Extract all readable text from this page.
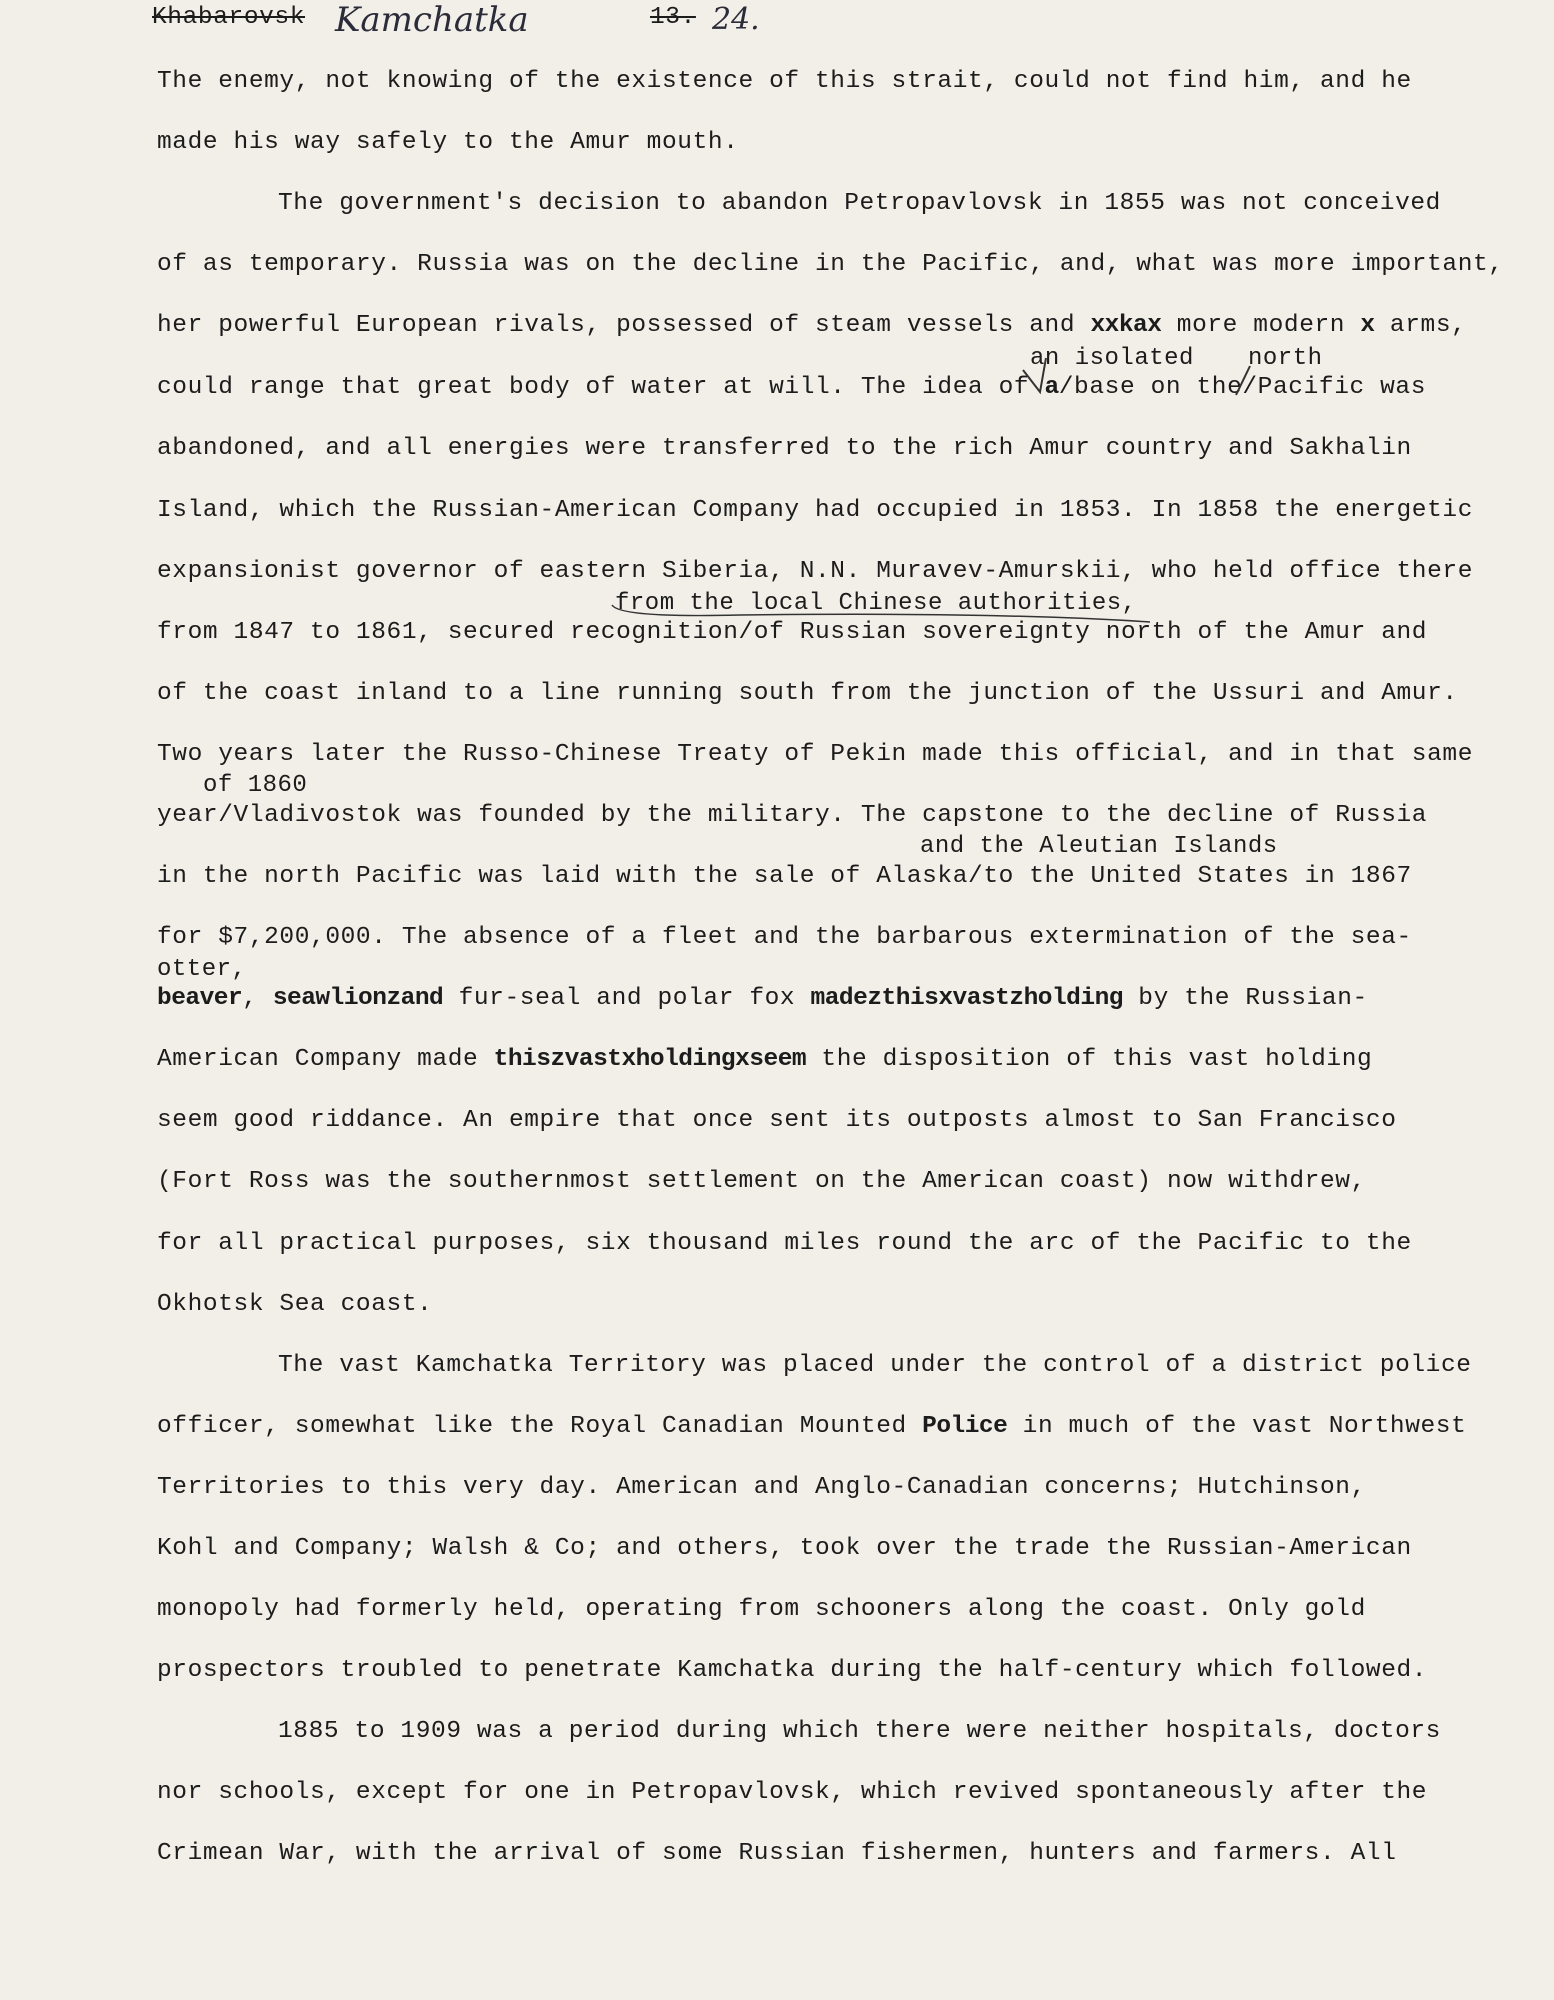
Khabarovsk Kamchatka	13. 24.
The enemy, not knowing of the existence of this strait, could not find him, and he
made his way safely to the Amur mouth.
The government's decision to abandon Petropavlovsk in 1855 was not conceived
of as temporary. Russia was on the decline in the Pacific, and, what was more important,
her powerful European rivals, possessed of steam vessels and xxkax more modern x arms,
an isolated north
could range that great body of water at will. The idea of a/base on the/Pacific was
abandoned, and all energies were transferred to the rich Amur country and Sakhalin
Island, which the Russian-American Company had occupied in 1853. In 1858 the energetic
expansionist governor of eastern Siberia, N.N. Muravev-Amurskii, who held office there
from the local Chinese authorities,
from 1847 to 1861, secured recognition/of Russian sovereignty north of the Amur and
of the coast inland to a line running south from the junction of the Ussuri and Amur.
Two years later the Russo-Chinese Treaty of Pekin made this official, and in that same
of 1860
year/Vladivostok was founded by the military. The capstone to the decline of Russia
and the Aleutian Islands
in the north Pacific was laid with the sale of Alaska/to the United States in 1867
for $7,200,000. The absence of a fleet and the barbarous extermination of the sea-
otter,
beaver, seawlionzand fur-seal and polar fox madezthisxvastzholding by the Russian-
American Company made thiszvastxholdingxseem the disposition of this vast holding
seem good riddance. An empire that once sent its outposts almost to San Francisco
(Fort Ross was the southernmost settlement on the American coast) now withdrew,
for all practical purposes, six thousand miles round the arc of the Pacific to the
Okhotsk Sea coast.
The vast Kamchatka Territory was placed under the control of a district police
officer, somewhat like the Royal Canadian Mounted Police in much of the vast Northwest
Territories to this very day. American and Anglo-Canadian concerns; Hutchinson,
Kohl and Company; Walsh & Co; and others, took over the trade the Russian-American
monopoly had formerly held, operating from schooners along the coast. Only gold
prospectors troubled to penetrate Kamchatka during the half-century which followed.
1885 to 1909 was a period during which there were neither hospitals, doctors
nor schools, except for one in Petropavlovsk, which revived spontaneously after the
Crimean War, with the arrival of some Russian fishermen, hunters and farmers. All
